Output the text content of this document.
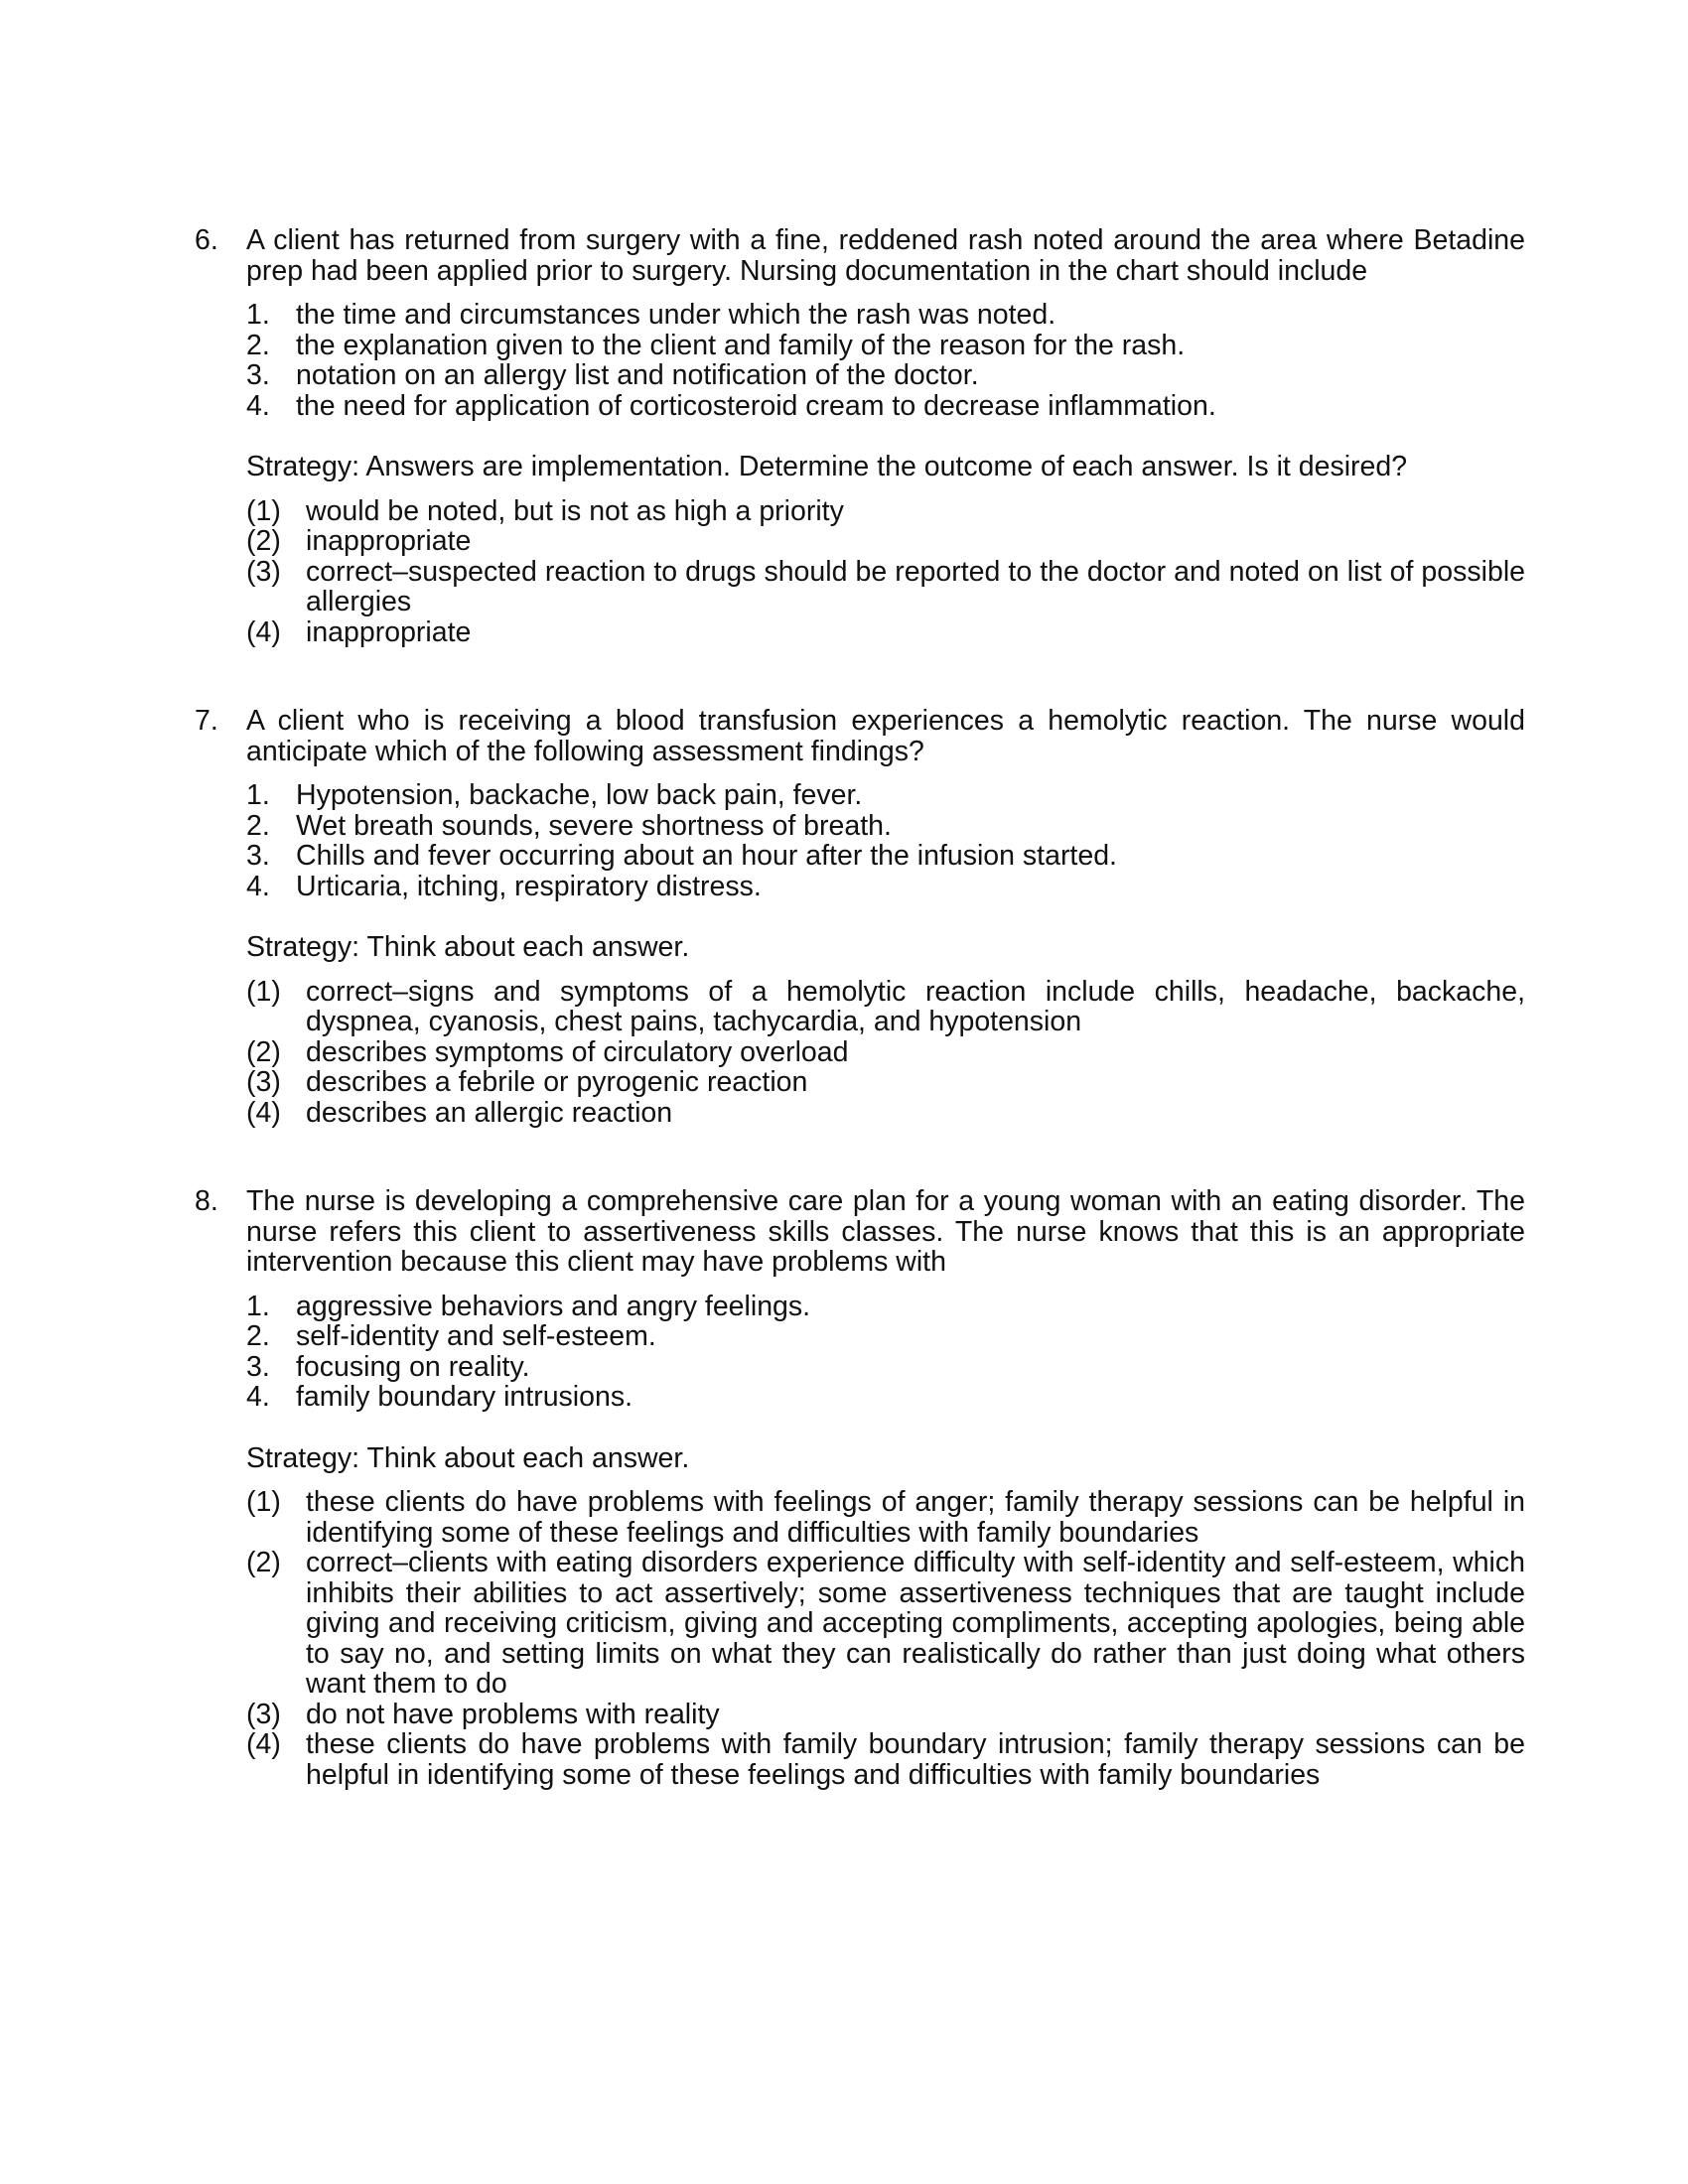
6. A client has returned from surgery with a fine, reddened rash noted around the area where Betadine prep had been applied prior to surgery. Nursing documentation in the chart should include
1. the time and circumstances under which the rash was noted.
2. the explanation given to the client and family of the reason for the rash.
3. notation on an allergy list and notification of the doctor.
4. the need for application of corticosteroid cream to decrease inflammation.
Strategy: Answers are implementation. Determine the outcome of each answer. Is it desired?
(1) would be noted, but is not as high a priority
(2) inappropriate
(3) correct–suspected reaction to drugs should be reported to the doctor and noted on list of possible allergies
(4) inappropriate
7. A client who is receiving a blood transfusion experiences a hemolytic reaction. The nurse would anticipate which of the following assessment findings?
1. Hypotension, backache, low back pain, fever.
2. Wet breath sounds, severe shortness of breath.
3. Chills and fever occurring about an hour after the infusion started.
4. Urticaria, itching, respiratory distress.
Strategy: Think about each answer.
(1) correct–signs and symptoms of a hemolytic reaction include chills, headache, backache, dyspnea, cyanosis, chest pains, tachycardia, and hypotension
(2) describes symptoms of circulatory overload
(3) describes a febrile or pyrogenic reaction
(4) describes an allergic reaction
8. The nurse is developing a comprehensive care plan for a young woman with an eating disorder. The nurse refers this client to assertiveness skills classes. The nurse knows that this is an appropriate intervention because this client may have problems with
1. aggressive behaviors and angry feelings.
2. self-identity and self-esteem.
3. focusing on reality.
4. family boundary intrusions.
Strategy: Think about each answer.
(1) these clients do have problems with feelings of anger; family therapy sessions can be helpful in identifying some of these feelings and difficulties with family boundaries
(2) correct–clients with eating disorders experience difficulty with self-identity and self-esteem, which inhibits their abilities to act assertively; some assertiveness techniques that are taught include giving and receiving criticism, giving and accepting compliments, accepting apologies, being able to say no, and setting limits on what they can realistically do rather than just doing what others want them to do
(3) do not have problems with reality
(4) these clients do have problems with family boundary intrusion; family therapy sessions can be helpful in identifying some of these feelings and difficulties with family boundaries
